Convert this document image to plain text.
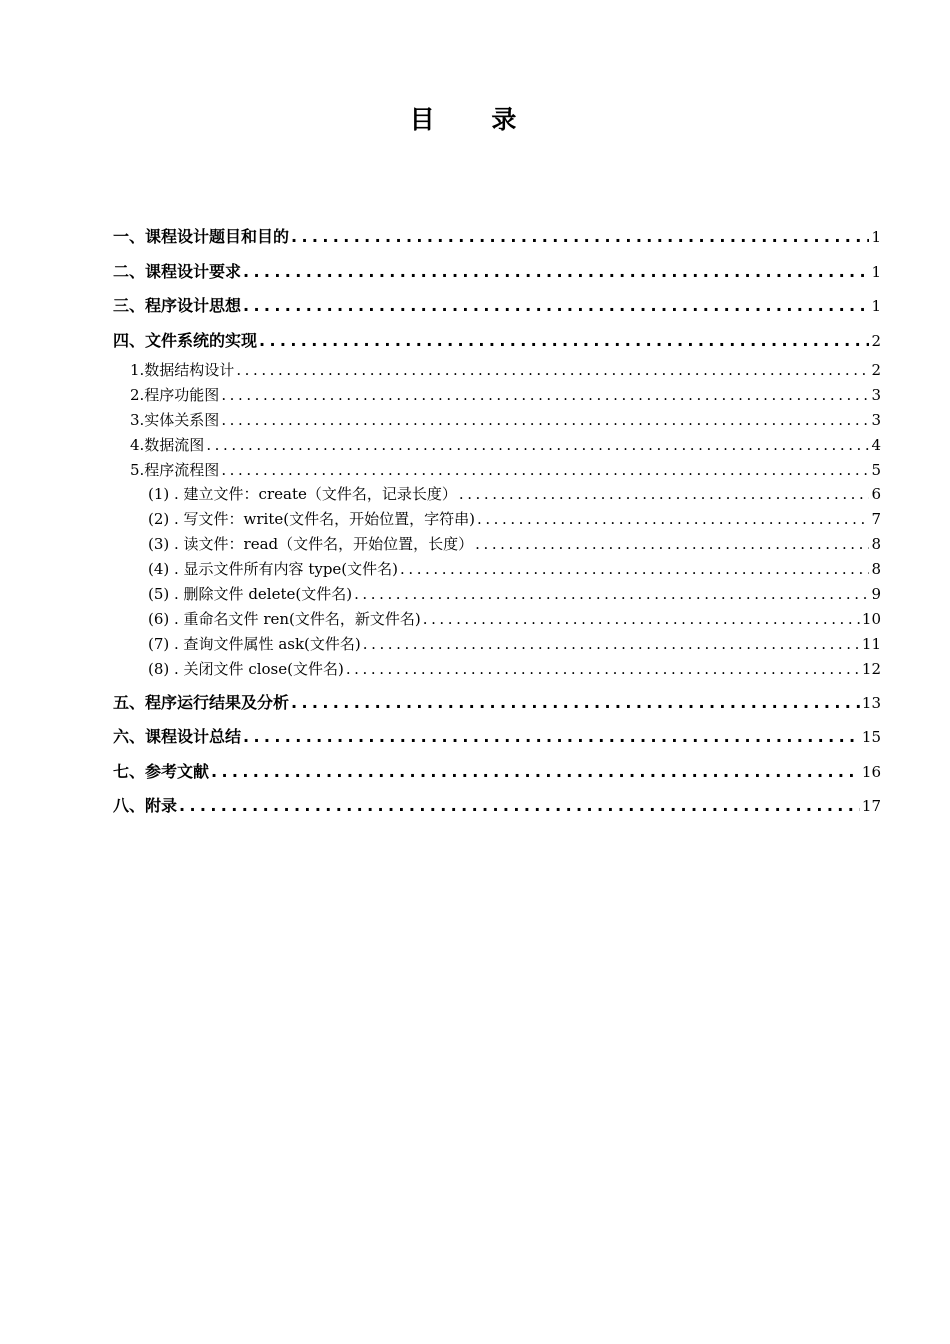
目 录
一、课程设计题目和目的 . . .	1
二、课程设计要求 . . .	1
三、程序设计思想 . . .	1
四、文件系统的实现 . . .	2
1.数据结构设计 . . .	2
2.程序功能图 . . .	3
3.实体关系图 . . .	3
4.数据流图 . . .	4
5.程序流程图 . . .	5
(1) . 建立文件：create（文件名，记录长度） . . .	6
(2) . 写文件：write(文件名，开始位置，字符串) . . .	7
(3) . 读文件：read（文件名，开始位置，长度） . . .	8
(4) . 显示文件所有内容 type(文件名) . . .	8
(5) . 删除文件 delete(文件名) . . .	9
(6) . 重命名文件 ren(文件名，新文件名) . . .	10
(7) . 查询文件属性 ask(文件名) . . .	11
(8) . 关闭文件 close(文件名) . . .	12
五、程序运行结果及分析 . . .	13
六、课程设计总结 . . .	15
七、参考文献 . . .	16
八、附录 . . .	17
